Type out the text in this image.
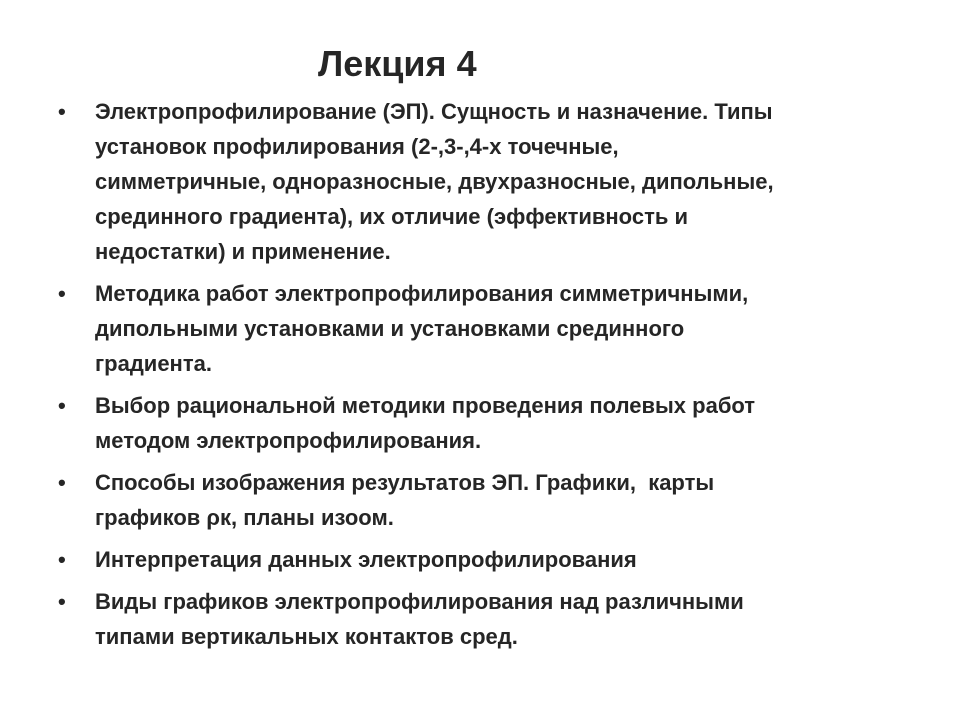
Лекция 4
• Электропрофилирование (ЭП). Сущность и назначение. Типы
установок профилирования (2-,3-,4-х точечные,
симметричные, одноразносные, двухразносные, дипольные,
срединного градиента), их отличие (эффективность и
недостатки) и применение.
• Методика работ электропрофилирования симметричными,
дипольными установками и установками срединного
градиента.
• Выбор рациональной методики проведения полевых работ
методом электропрофилирования.
• Способы изображения результатов ЭП. Графики,  карты
графиков ρк, планы изоом.
• Интерпретация данных электропрофилирования
• Виды графиков электропрофилирования над различными
типами вертикальных контактов сред.
